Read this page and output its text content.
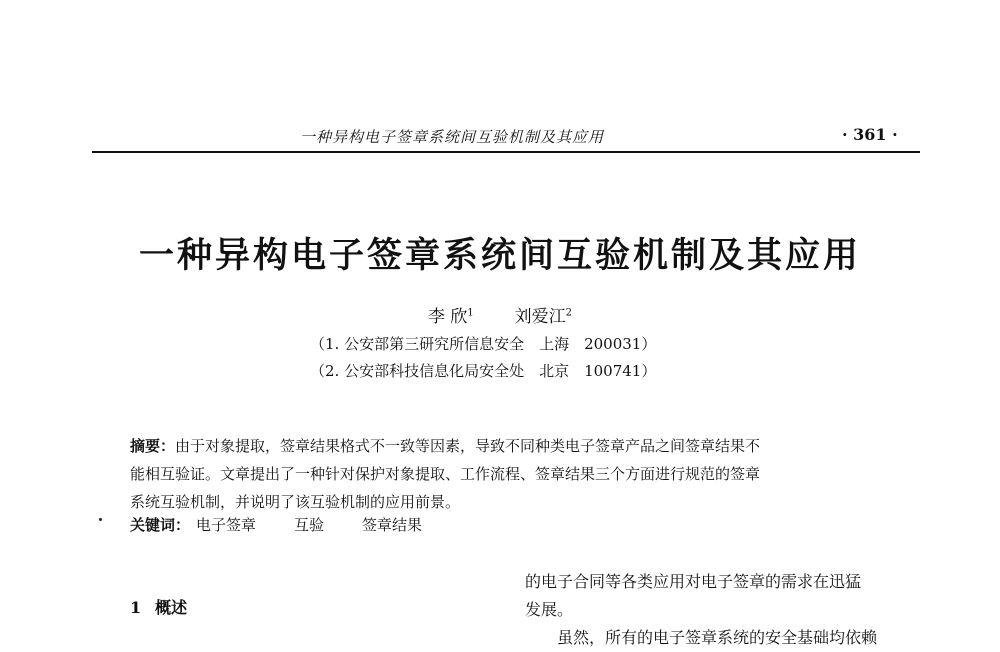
一种异构电子签章系统间互验机制及其应用	· 361 ·
一种异构电子签章系统间互验机制及其应用
李 欣$^1$ 刘爱江$^2$
（1. 公安部第三研究所信息安全　上海　200031）
（2. 公安部科技信息化局安全处　北京　100741）
摘要：由于对象提取，签章结果格式不一致等因素，导致不同种类电子签章产品之间签章结果不
能相互验证。文章提出了一种针对保护对象提取、工作流程、签章结果三个方面进行规范的签章
系统互验机制，并说明了该互验机制的应用前景。
关键词： 电子签章	互验	签章结果
1 概述
的电子合同等各类应用对电子签章的需求在迅猛
发展。
虽然，所有的电子签章系统的安全基础均依赖
